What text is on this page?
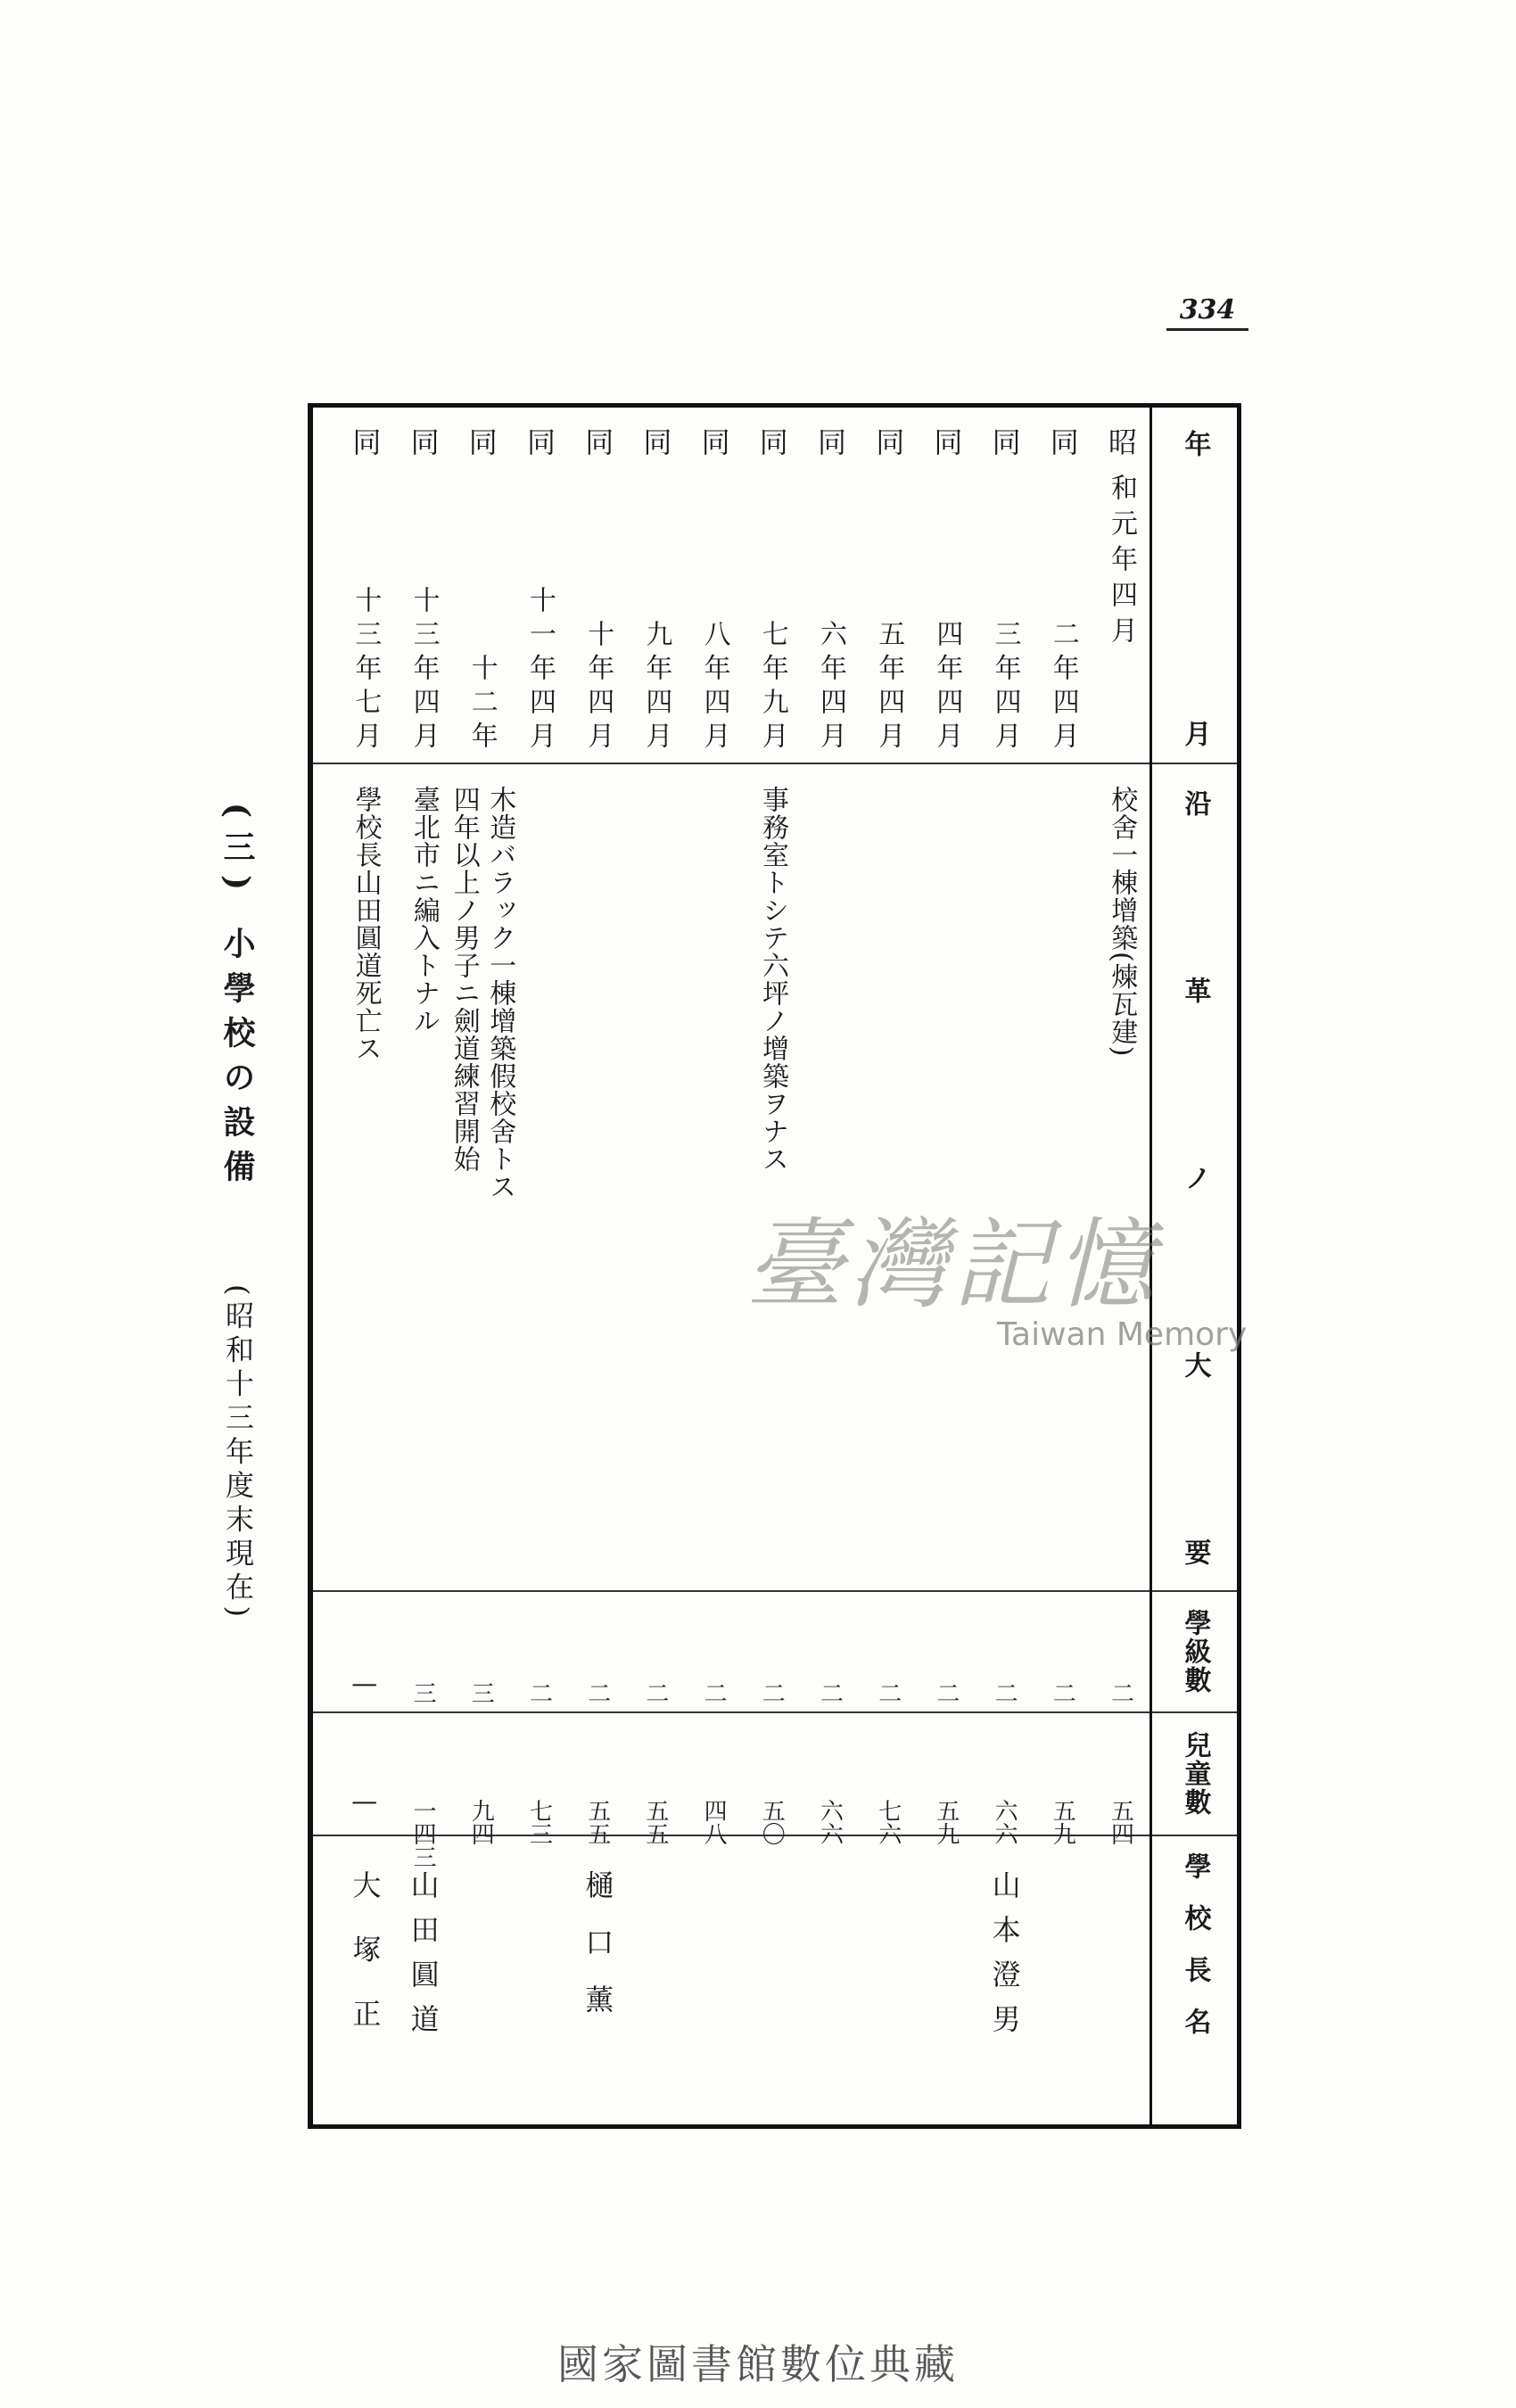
334
(三) 小學校の設備
(昭和十三年度末現在)
年
月
沿
革
ノ
大
要
學級數
兒童數
學校長名
昭
和元年四月
校舍一棟增築(煉瓦建)
二
五四
同
二年四月
二
五九
同
三年四月
二
六六
山本澄男
同
四年四月
二
五九
同
五年四月
二
七六
同
六年四月
二
六六
同
七年九月
事務室トシテ六坪ノ增築ヲナス
二
五〇
同
八年四月
二
四八
同
九年四月
二
五五
同
十年四月
二
五五
樋口薰
同
十一年四月
二
七三
同
十二年
木造バラック一棟增築假校舍トス
四年以上ノ男子ニ劍道練習開始
三
九四
同
十三年四月
臺北市ニ編入トナル
三
一四三
山田圓道
同
十三年七月
學校長山田圓道死亡ス
|
|
大塚正
臺灣記憶
Taiwan Memory
國家圖書館數位典藏
